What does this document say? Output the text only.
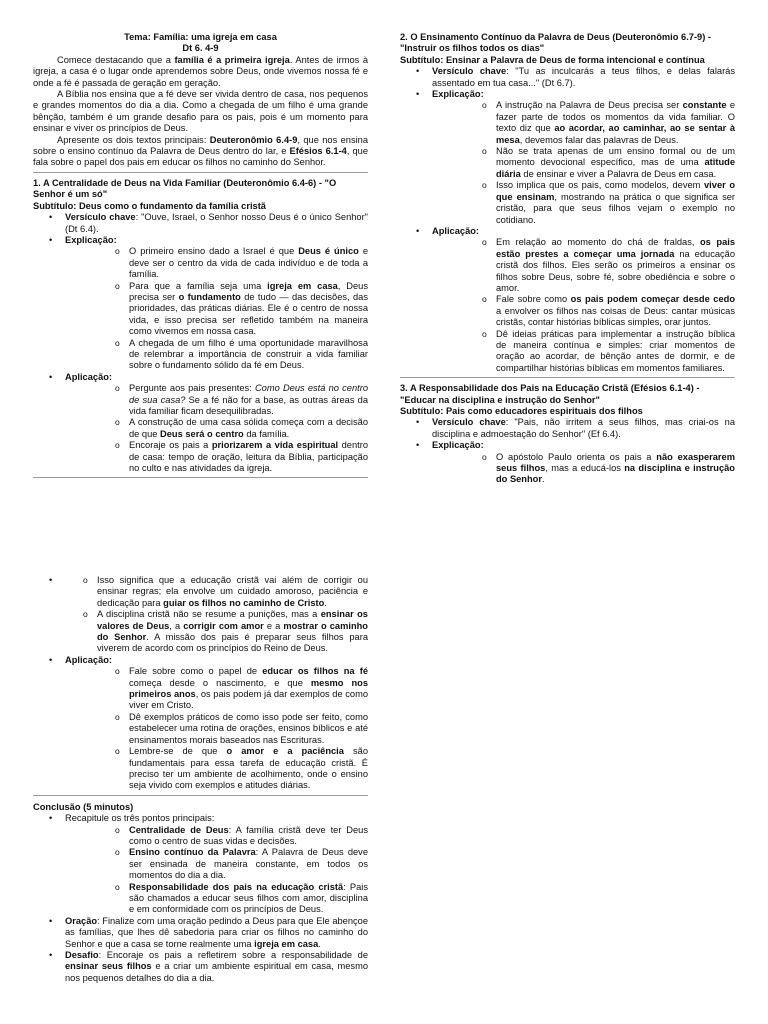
Tema: Família: uma igreja em casa

Dt 6. 4-9

Comece destacando que a família é a primeira igreja. Antes de irmos à igreja, a casa é o lugar onde aprendemos sobre Deus, onde vivemos nossa fé e onde a fé é passada de geração em geração.

A Bíblia nos ensina que a fé deve ser vivida dentro de casa, nos pequenos e grandes momentos do dia a dia. Como a chegada de um filho é uma grande bênção, também é um grande desafio para os pais, pois é um momento para ensinar e viver os princípios de Deus.

Apresente os dois textos principais: Deuteronômio 6.4-9, que nos ensina sobre o ensino contínuo da Palavra de Deus dentro do lar, e Efésios 6.1-4, que fala sobre o papel dos pais em educar os filhos no caminho do Senhor.

1. A Centralidade de Deus na Vida Familiar (Deuteronômio 6.4-6) - "O Senhor é um só"

Subtítulo: Deus como o fundamento da família cristã

• Versículo chave: "Ouve, Israel, o Senhor nosso Deus é o único Senhor" (Dt 6.4).
• Explicação:
o O primeiro ensino dado a Israel é que Deus é único e deve ser o centro da vida de cada indivíduo e de toda a família.
o Para que a família seja uma igreja em casa, Deus precisa ser o fundamento de tudo — das decisões, das prioridades, das práticas diárias. Ele é o centro de nossa vida, e isso precisa ser refletido também na maneira como vivemos em nossa casa.
o A chegada de um filho é uma oportunidade maravilhosa de relembrar a importância de construir a vida familiar sobre o fundamento sólido da fé em Deus.
• Aplicação:
o Pergunte aos pais presentes: Como Deus está no centro de sua casa? Se a fé não for a base, as outras áreas da vida familiar ficam desequilibradas.
o A construção de uma casa sólida começa com a decisão de que Deus será o centro da família.
o Encoraje os pais a priorizarem a vida espiritual dentro de casa: tempo de oração, leitura da Bíblia, participação no culto e nas atividades da igreja.

2. O Ensinamento Contínuo da Palavra de Deus (Deuteronômio 6.7-9) - "Instruir os filhos todos os dias"

Subtítulo: Ensinar a Palavra de Deus de forma intencional e contínua

• Versículo chave: "Tu as inculcarás a teus filhos, e delas falarás assentado em tua casa..." (Dt 6.7).
• Explicação:
o A instrução na Palavra de Deus precisa ser constante e fazer parte de todos os momentos da vida familiar. O texto diz que ao acordar, ao caminhar, ao se sentar à mesa, devemos falar das palavras de Deus.
o Não se trata apenas de um ensino formal ou de um momento devocional específico, mas de uma atitude diária de ensinar e viver a Palavra de Deus em casa.
o Isso implica que os pais, como modelos, devem viver o que ensinam, mostrando na prática o que significa ser cristão, para que seus filhos vejam o exemplo no cotidiano.
• Aplicação:
o Em relação ao momento do chá de fraldas, os pais estão prestes a começar uma jornada na educação cristã dos filhos. Eles serão os primeiros a ensinar os filhos sobre Deus, sobre fé, sobre obediência e sobre o amor.
o Fale sobre como os pais podem começar desde cedo a envolver os filhos nas coisas de Deus: cantar músicas cristãs, contar histórias bíblicas simples, orar juntos.
o Dê ideias práticas para implementar a instrução bíblica de maneira contínua e simples: criar momentos de oração ao acordar, de bênção antes de dormir, e de compartilhar histórias bíblicas em momentos familiares.

3. A Responsabilidade dos Pais na Educação Cristã (Efésios 6.1-4) - "Educar na disciplina e instrução do Senhor"

Subtítulo: Pais como educadores espirituais dos filhos

• Versículo chave: "Pais, não irritem a seus filhos, mas criai-os na disciplina e admoestação do Senhor" (Ef 6.4).
• Explicação:
o O apóstolo Paulo orienta os pais a não exasperarem seus filhos, mas a educá-los na disciplina e instrução do Senhor.
o • Isso significa que a educação cristã vai além de corrigir ou ensinar regras; ela envolve um cuidado amoroso, paciência e dedicação para guiar os filhos no caminho de Cristo.
o A disciplina cristã não se resume a punições, mas a ensinar os valores de Deus, a corrigir com amor e a mostrar o caminho do Senhor. A missão dos pais é preparar seus filhos para viverem de acordo com os princípios do Reino de Deus.
• Aplicação:
o Fale sobre como o papel de educar os filhos na fé começa desde o nascimento, e que mesmo nos primeiros anos, os pais podem já dar exemplos de como viver em Cristo.
o Dê exemplos práticos de como isso pode ser feito, como estabelecer uma rotina de orações, ensinos bíblicos e até ensinamentos morais baseados nas Escrituras.
o Lembre-se de que o amor e a paciência são fundamentais para essa tarefa de educação cristã. É preciso ter um ambiente de acolhimento, onde o ensino seja vivido com exemplos e atitudes diárias.

Conclusão (5 minutos)

• Recapitule os três pontos principais:
o Centralidade de Deus: A família cristã deve ter Deus como o centro de suas vidas e decisões.
o Ensino contínuo da Palavra: A Palavra de Deus deve ser ensinada de maneira constante, em todos os momentos do dia a dia.
o Responsabilidade dos pais na educação cristã: Pais são chamados a educar seus filhos com amor, disciplina e em conformidade com os princípios de Deus.
• Oração: Finalize com uma oração pedindo a Deus para que Ele abençoe as famílias, que lhes dê sabedoria para criar os filhos no caminho do Senhor e que a casa se torne realmente uma igreja em casa.
• Desafio: Encoraje os pais a refletirem sobre a responsabilidade de ensinar seus filhos e a criar um ambiente espiritual em casa, mesmo nos pequenos detalhes do dia a dia.
